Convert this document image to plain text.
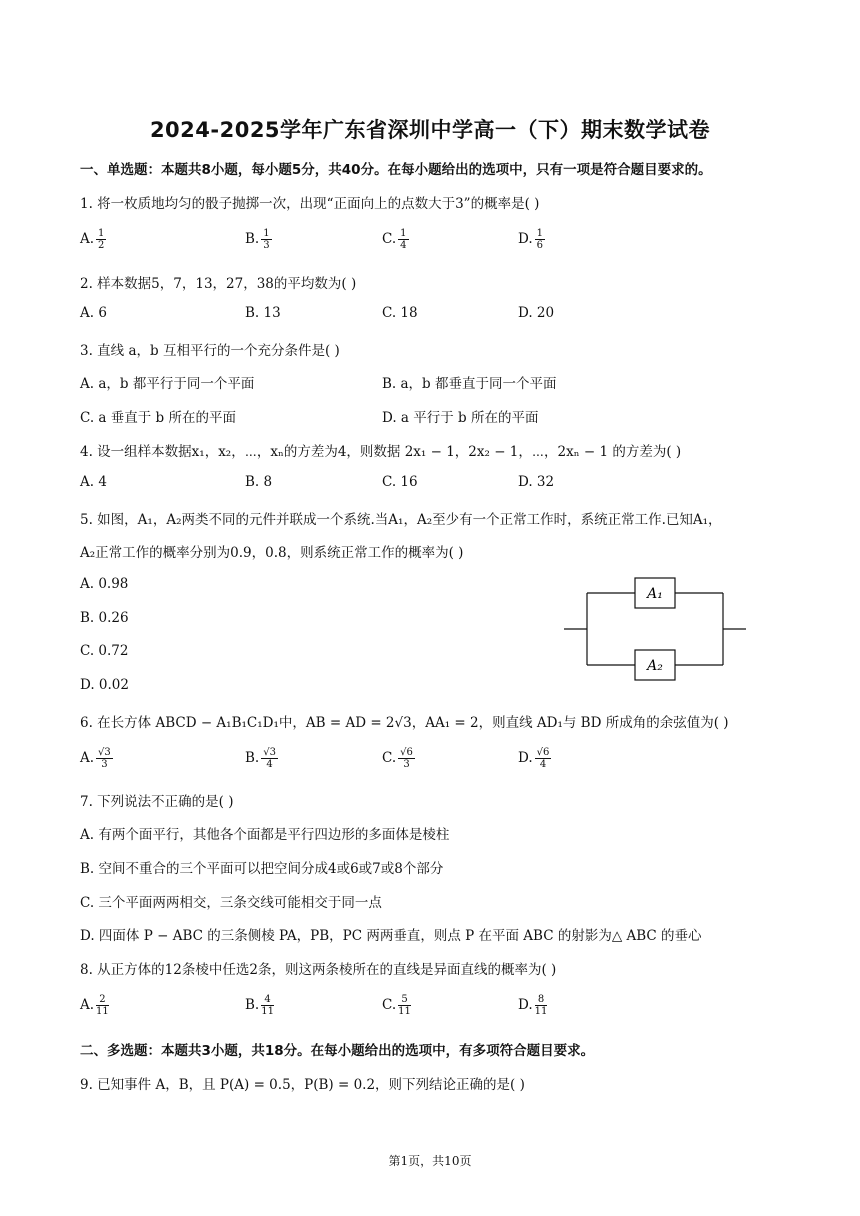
2024-2025学年广东省深圳中学高一（下）期末数学试卷
一、单选题：本题共8小题，每小题5分，共40分。在每小题给出的选项中，只有一项是符合题目要求的。
1. 将一枚质地均匀的骰子抛掷一次，出现“正面向上的点数大于3”的概率是( )
A. $\frac{1}{2}$	B. $\frac{1}{3}$	C. $\frac{1}{4}$	D. $\frac{1}{6}$
2. 样本数据5，7，13，27，38的平均数为( )
A. 6	B. 13	C. 18	D. 20
3. 直线 a，b 互相平行的一个充分条件是( )
A. a，b 都平行于同一个平面	B. a，b 都垂直于同一个平面
C. a 垂直于 b 所在的平面	D. a 平行于 b 所在的平面
4. 设一组样本数据x₁，x₂，⋯，xₙ的方差为4，则数据 2x₁ − 1，2x₂ − 1，⋯，2xₙ − 1 的方差为( )
A. 4	B. 8	C. 16	D. 32
5. 如图，A₁，A₂两类不同的元件并联成一个系统.当A₁，A₂至少有一个正常工作时，系统正常工作.已知A₁，
A₂正常工作的概率分别为0.9，0.8，则系统正常工作的概率为( )
A. 0.98
B. 0.26
C. 0.72
D. 0.02
A₁
A₂
6. 在长方体 ABCD − A₁B₁C₁D₁中，AB = AD = 2√3，AA₁ = 2，则直线 AD₁与 BD 所成角的余弦值为( )
A. $\frac{√3}{3}$	B. $\frac{√3}{4}$	C. $\frac{√6}{3}$	D. $\frac{√6}{4}$
7. 下列说法不正确的是( )
A. 有两个面平行，其他各个面都是平行四边形的多面体是棱柱
B. 空间不重合的三个平面可以把空间分成4或6或7或8个部分
C. 三个平面两两相交，三条交线可能相交于同一点
D. 四面体 P − ABC 的三条侧棱 PA，PB，PC 两两垂直，则点 P 在平面 ABC 的射影为△ ABC 的垂心
8. 从正方体的12条棱中任选2条，则这两条棱所在的直线是异面直线的概率为( )
A. $\frac{2}{11}$	B. $\frac{4}{11}$	C. $\frac{5}{11}$	D. $\frac{8}{11}$
二、多选题：本题共3小题，共18分。在每小题给出的选项中，有多项符合题目要求。
9. 已知事件 A，B，且 P(A) = 0.5，P(B) = 0.2，则下列结论正确的是( )
第1页，共10页
